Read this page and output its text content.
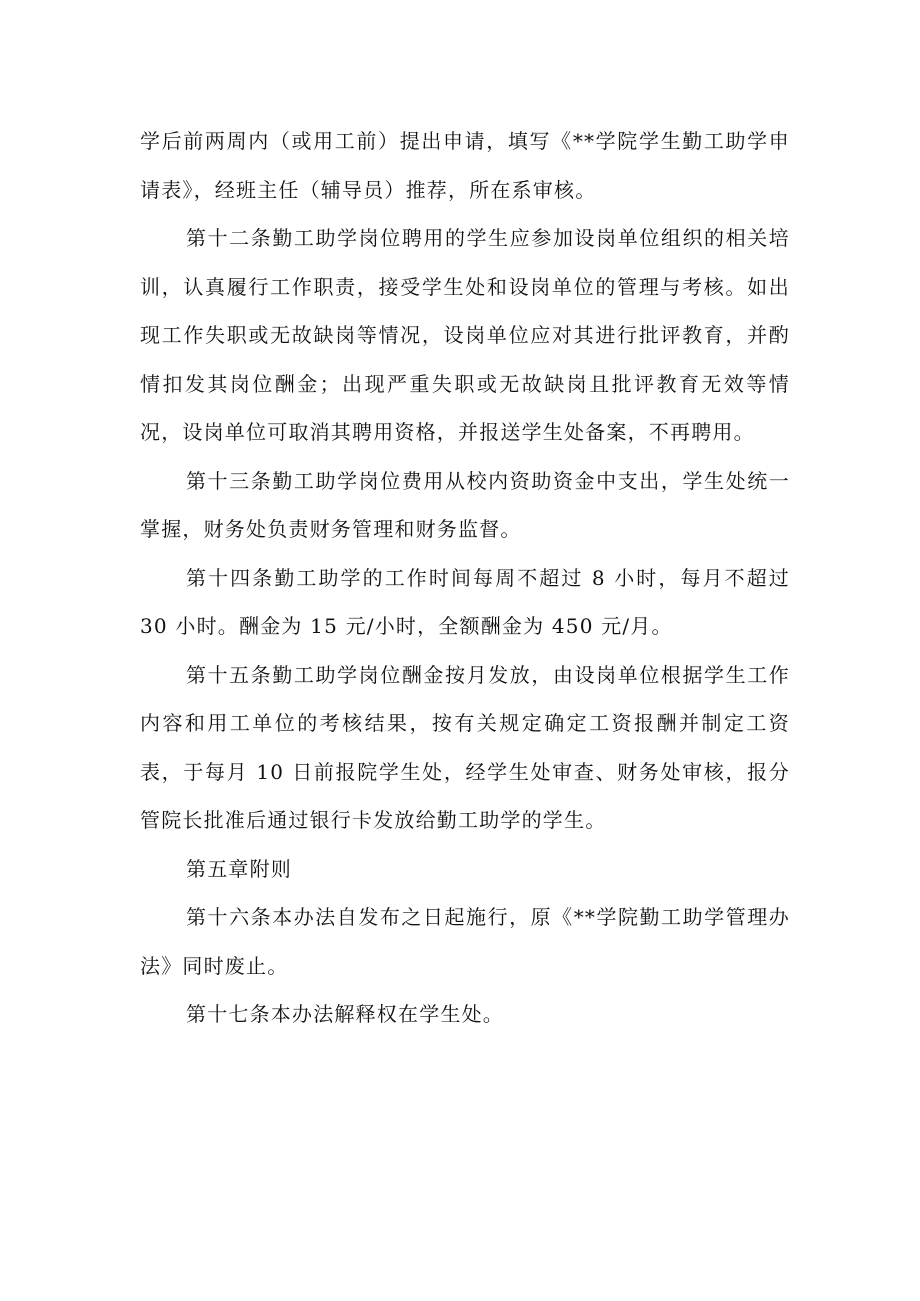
学后前两周内（或用工前）提出申请，填写《**学院学生勤工助学申请表》，经班主任（辅导员）推荐，所在系审核。

第十二条勤工助学岗位聘用的学生应参加设岗单位组织的相关培训，认真履行工作职责，接受学生处和设岗单位的管理与考核。如出现工作失职或无故缺岗等情况，设岗单位应对其进行批评教育，并酌情扣发其岗位酬金；出现严重失职或无故缺岗且批评教育无效等情况，设岗单位可取消其聘用资格，并报送学生处备案，不再聘用。

第十三条勤工助学岗位费用从校内资助资金中支出，学生处统一掌握，财务处负责财务管理和财务监督。

第十四条勤工助学的工作时间每周不超过 8 小时，每月不超过30 小时。酬金为 15 元/小时，全额酬金为 450 元/月。

第十五条勤工助学岗位酬金按月发放，由设岗单位根据学生工作内容和用工单位的考核结果，按有关规定确定工资报酬并制定工资表，于每月 10 日前报院学生处，经学生处审查、财务处审核，报分管院长批准后通过银行卡发放给勤工助学的学生。

第五章附则

第十六条本办法自发布之日起施行，原《**学院勤工助学管理办法》同时废止。

第十七条本办法解释权在学生处。
